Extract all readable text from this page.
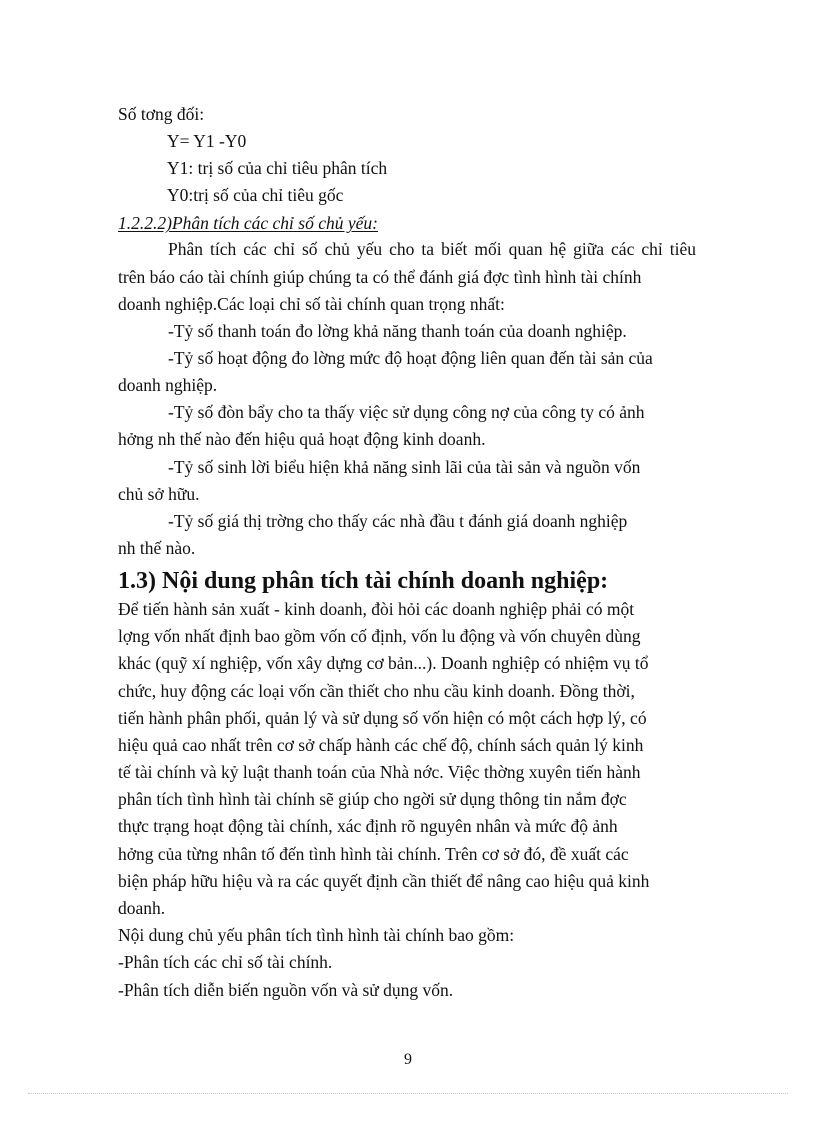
Số tơng đối:
Y= Y1 -Y0
Y1: trị số của chỉ tiêu phân tích
Y0:trị số của chỉ tiêu gốc
1.2.2.2)Phân tích các chỉ số chủ yếu:
Phân tích các chỉ số chủ yếu cho ta biết mối quan hệ giữa các chỉ tiêu
trên báo cáo tài chính giúp chúng ta có thể đánh giá đợc tình hình tài chính
doanh nghiệp.Các loại chỉ số tài chính quan trọng nhất:
-Tỷ số thanh toán đo lờng khả năng thanh toán của doanh nghiệp.
-Tỷ số hoạt động đo lờng mức độ hoạt động liên quan đến tài sản của
doanh nghiệp.
-Tỷ số đòn bẩy cho ta thấy việc sử dụng công nợ của công ty có ảnh
hởng nh thế nào đến hiệu quả hoạt động kinh doanh.
-Tỷ số sinh lời biểu hiện khả năng sinh lãi của tài sản và nguồn vốn
chủ sở hữu.
-Tỷ số giá thị trờng cho thấy các nhà đầu t đánh giá doanh nghiệp
nh thế nào.
1.3) Nội dung phân tích tài chính doanh nghiệp:
Để tiến hành sản xuất - kinh doanh, đòi hỏi các doanh nghiệp phải có một
lợng vốn nhất định bao gồm vốn cố định, vốn lu động và vốn chuyên dùng
khác (quỹ xí nghiệp, vốn xây dựng cơ bản...). Doanh nghiệp có nhiệm vụ tổ
chức, huy động các loại vốn cần thiết cho nhu cầu kinh doanh. Đồng thời,
tiến hành phân phối, quản lý và sử dụng số vốn hiện có một cách hợp lý, có
hiệu quả cao nhất trên cơ sở chấp hành các chế độ, chính sách quản lý kinh
tế tài chính và kỷ luật thanh toán của Nhà nớc. Việc thờng xuyên tiến hành
phân tích tình hình tài chính sẽ giúp cho ngời sử dụng thông tin nắm đợc
thực trạng hoạt động tài chính, xác định rõ nguyên nhân và mức độ ảnh
hởng của từng nhân tố đến tình hình tài chính. Trên cơ sở đó, đề xuất các
biện pháp hữu hiệu và ra các quyết định cần thiết để nâng cao hiệu quả kinh
doanh.
Nội dung chủ yếu phân tích tình hình tài chính bao gồm:
-Phân tích các chỉ số tài chính.
-Phân tích diễn biến nguồn vốn và sử dụng vốn.
9
